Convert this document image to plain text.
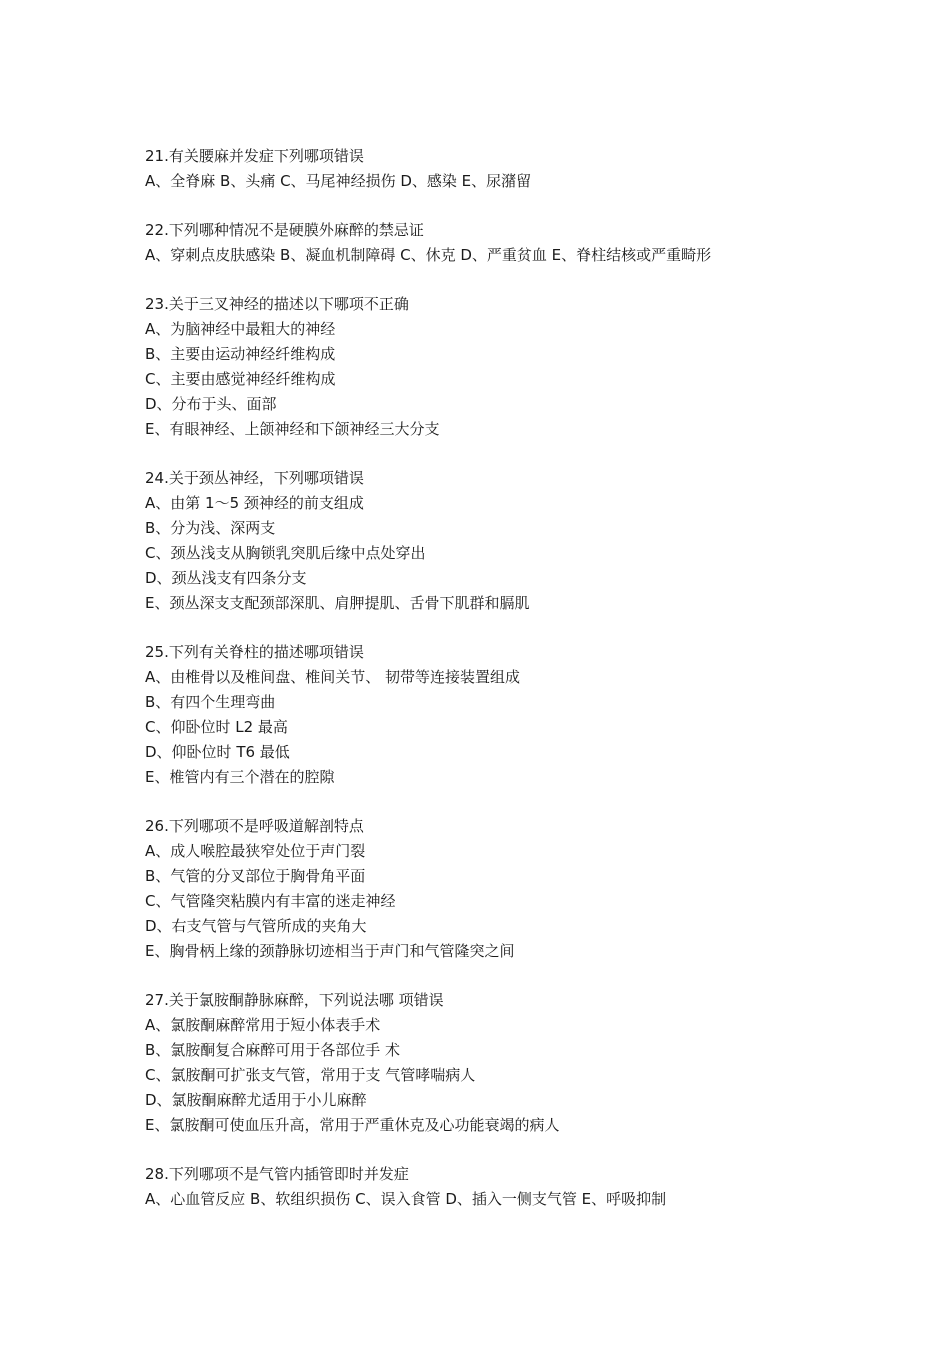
21.有关腰麻并发症下列哪项错误
A、全脊麻 B、头痛 C、马尾神经损伤 D、感染 E、尿潴留
22.下列哪种情况不是硬膜外麻醉的禁忌证
A、穿刺点皮肤感染 B、凝血机制障碍 C、休克 D、严重贫血 E、脊柱结核或严重畸形
23.关于三叉神经的描述以下哪项不正确
A、为脑神经中最粗大的神经
B、主要由运动神经纤维构成
C、主要由感觉神经纤维构成
D、分布于头、面部
E、有眼神经、上颌神经和下颌神经三大分支
24.关于颈丛神经，下列哪项错误
A、由第 1～5 颈神经的前支组成
B、分为浅、深两支
C、颈丛浅支从胸锁乳突肌后缘中点处穿出
D、颈丛浅支有四条分支
E、颈丛深支支配颈部深肌、肩胛提肌、舌骨下肌群和膈肌
25.下列有关脊柱的描述哪项错误
A、由椎骨以及椎间盘、椎间关节、 韧带等连接装置组成
B、有四个生理弯曲
C、仰卧位时 L2 最高
D、仰卧位时 T6 最低
E、椎管内有三个潜在的腔隙
26.下列哪项不是呼吸道解剖特点
A、成人喉腔最狭窄处位于声门裂
B、气管的分叉部位于胸骨角平面
C、气管隆突粘膜内有丰富的迷走神经
D、右支气管与气管所成的夹角大
E、胸骨柄上缘的颈静脉切迹相当于声门和气管隆突之间
27.关于氯胺酮静脉麻醉，下列说法哪 项错误
A、氯胺酮麻醉常用于短小体表手术
B、氯胺酮复合麻醉可用于各部位手 术
C、氯胺酮可扩张支气管，常用于支 气管哮喘病人
D、氯胺酮麻醉尤适用于小儿麻醉
E、氯胺酮可使血压升高，常用于严重休克及心功能衰竭的病人
28.下列哪项不是气管内插管即时并发症
A、心血管反应 B、软组织损伤 C、误入食管 D、插入一侧支气管 E、呼吸抑制
